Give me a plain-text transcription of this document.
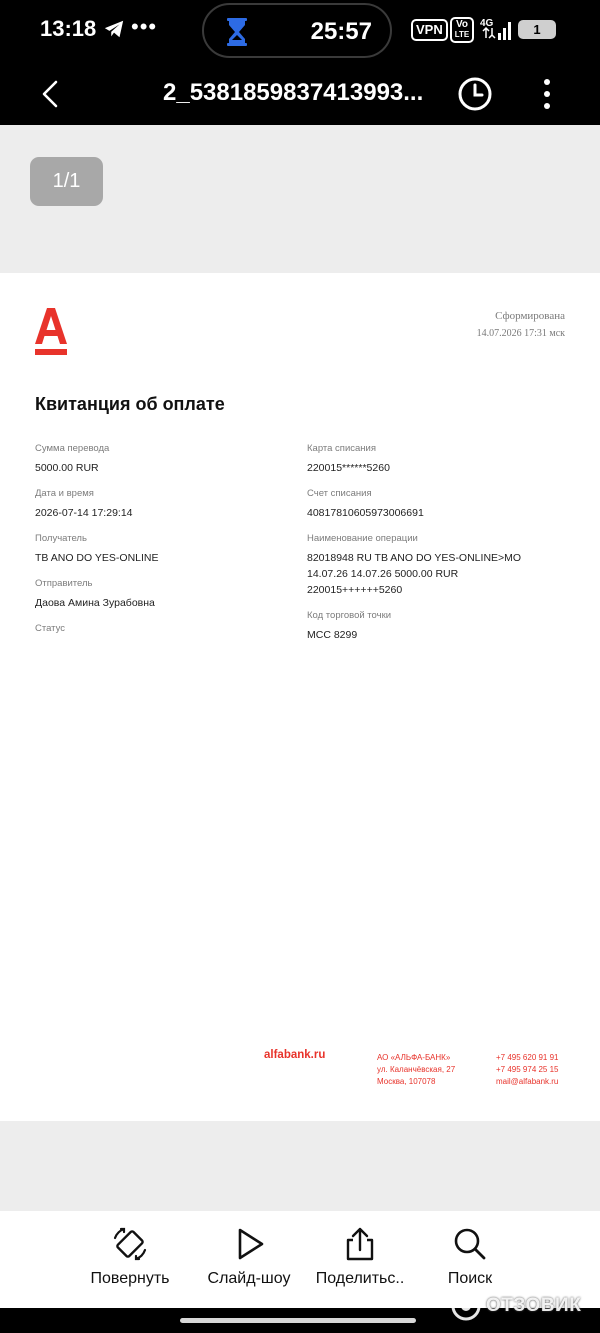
13:18 •••	25:57	VPN	Vo
LTE
4G	1
2_5381859837413993...
1/1
Сформирована
14.07.2026 17:31 мск
Квитанция об оплате
Сумма перевода
5000.00 RUR
Дата и время
2026-07-14 17:29:14
Получатель
TB ANO DO YES-ONLINE
Отправитель
Даова Амина Зурабовна
Статус
Карта списания
220015******5260
Счет списания
40817810605973006691
Наименование операции
82018948 RU TB ANO DO YES-ONLINE>MO
14.07.26 14.07.26 5000.00 RUR
220015++++++5260
Код торговой точки
MCC 8299
alfabank.ru	АО «АЛЬФА-БАНК»
ул. Каланчёвская, 27
Москва, 107078
+7 495 620 91 91
+7 495 974 25 15
mail@alfabank.ru
Повернуть	Слайд-шоу	Поделитьс..	Поиск
ОТЗОВИК
